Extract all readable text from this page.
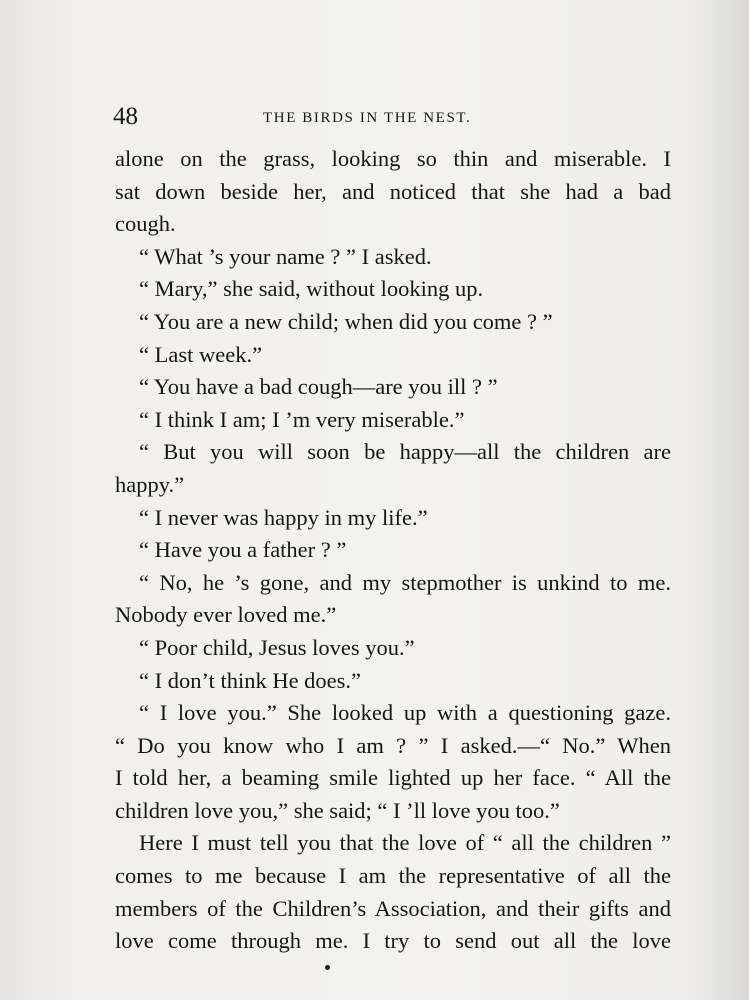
48	THE BIRDS IN THE NEST.
alone on the grass, looking so thin and miserable. I
sat down beside her, and noticed that she had a bad
cough.
“ What ’s your name ? ” I asked.
“ Mary,” she said, without looking up.
“ You are a new child; when did you come ? ”
“ Last week.”
“ You have a bad cough—are you ill ? ”
“ I think I am; I ’m very miserable.”
“ But you will soon be happy—all the children are
happy.”
“ I never was happy in my life.”
“ Have you a father ? ”
“ No, he ’s gone, and my stepmother is unkind to me.
Nobody ever loved me.”
“ Poor child, Jesus loves you.”
“ I don’t think He does.”
“ I love you.” She looked up with a questioning gaze.
“ Do you know who I am ? ” I asked.—“ No.” When
I told her, a beaming smile lighted up her face. “ All the
children love you,” she said; “ I ’ll love you too.”
Here I must tell you that the love of “ all the children ”
comes to me because I am the representative of all the
members of the Children’s Association, and their gifts and
love come through me. I try to send out all the love
